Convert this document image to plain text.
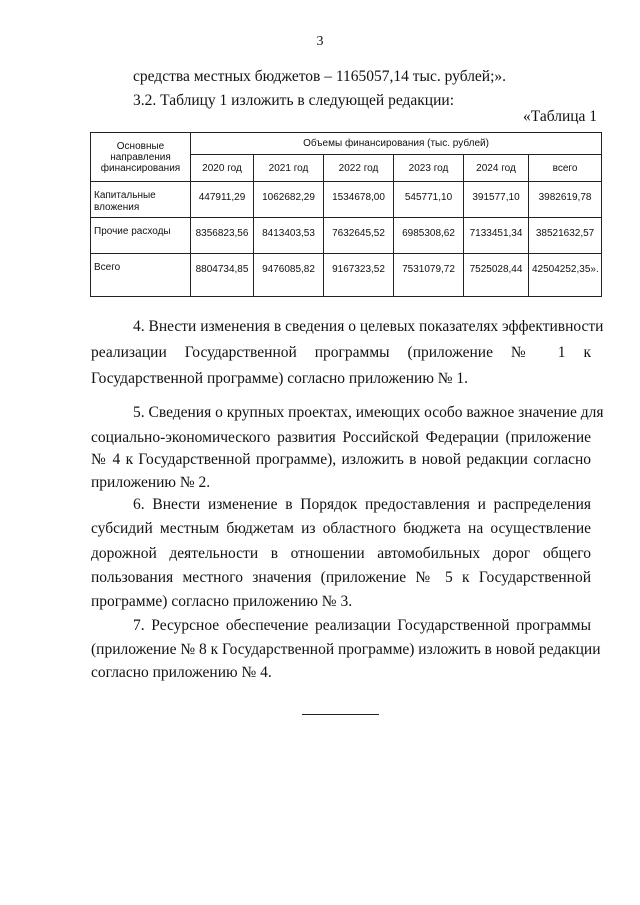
3
средства местных бюджетов – 1165057,14 тыс. рублей;».
3.2. Таблицу 1 изложить в следующей редакции:
«Таблица 1
Основные направления финансирования	Объемы финансирования (тыс. рублей)					
	2020 год	2021 год	2022 год	2023 год	2024 год	всего
Капитальные вложения	447911,29	1062682,29	1534678,00	545771,10	391577,10	3982619,78
Прочие расходы	8356823,56	8413403,53	7632645,52	6985308,62	7133451,34	38521632,57
Всего	8804734,85	9476085,82	9167323,52	7531079,72	7525028,44	42504252,35».
4. Внести изменения в сведения о целевых показателях эффективности
реализации Государственной программы (приложение № 1 к
Государственной программе) согласно приложению № 1.
5. Сведения о крупных проектах, имеющих особо важное значение для
социально-экономического развития Российской Федерации (приложение
№ 4 к Государственной программе), изложить в новой редакции согласно
приложению № 2.
6. Внести изменение в Порядок предоставления и распределения
субсидий местным бюджетам из областного бюджета на осуществление
дорожной деятельности в отношении автомобильных дорог общего
пользования местного значения (приложение № 5 к Государственной
программе) согласно приложению № 3.
7. Ресурсное обеспечение реализации Государственной программы
(приложение № 8 к Государственной программе) изложить в новой редакции
согласно приложению № 4.
